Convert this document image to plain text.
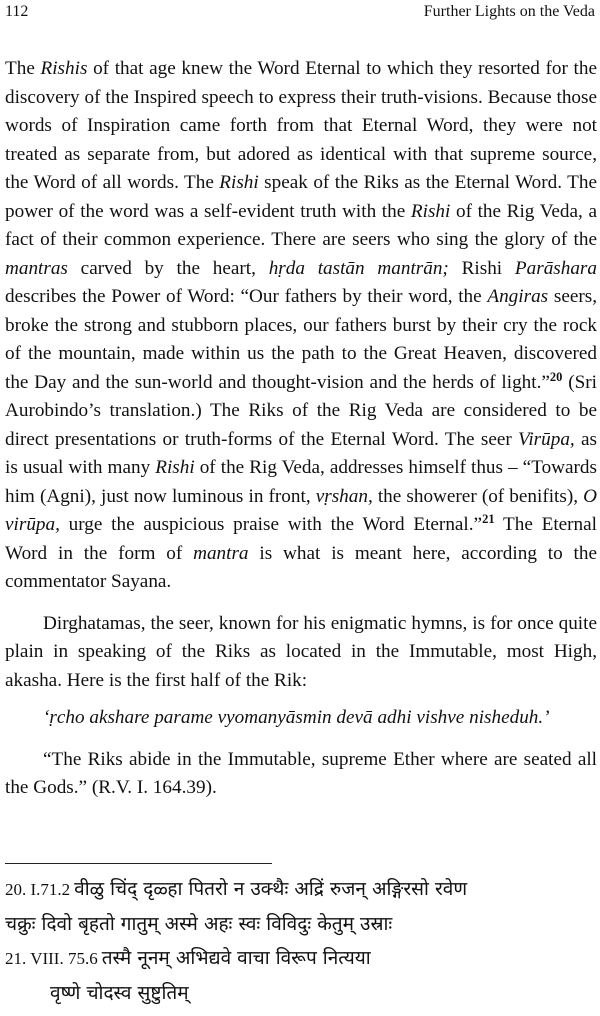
112	Further Lights on the Veda

The Rishis of that age knew the Word Eternal to which they resorted for the discovery of the Inspired speech to express their truth-visions. Because those words of Inspiration came forth from that Eternal Word, they were not treated as separate from, but adored as identical with that supreme source, the Word of all words. The Rishi speak of the Riks as the Eternal Word. The power of the word was a self-evident truth with the Rishi of the Rig Veda, a fact of their common experience. There are seers who sing the glory of the mantras carved by the heart, hṛda tastān mantrān; Rishi Parāshara describes the Power of Word: “Our fathers by their word, the Angiras seers, broke the strong and stubborn places, our fathers burst by their cry the rock of the mountain, made within us the path to the Great Heaven, discovered the Day and the sun-world and thought-vision and the herds of light.”$^{20}$ (Sri Aurobindo’s translation.) The Riks of the Rig Veda are considered to be direct presentations or truth-forms of the Eternal Word. The seer Virūpa, as is usual with many Rishi of the Rig Veda, addresses himself thus – “Towards him (Agni), just now luminous in front, vṛshan, the showerer (of benifits), O virūpa, urge the auspicious praise with the Word Eternal.”$^{21}$ The Eternal Word in the form of mantra is what is meant here, according to the commentator Sayana.

Dirghatamas, the seer, known for his enigmatic hymns, is for once quite plain in speaking of the Riks as located in the Immutable, most High, akasha. Here is the first half of the Rik:

‘ṛcho akshare parame vyomanyāsmin devā adhi vishve nisheduh.’

“The Riks abide in the Immutable, supreme Ether where are seated all the Gods.” (R.V. I. 164.39).

20. I.71.2 वीळु चिंद् दृळ्हा पितरो न उक्थैः अद्रिं रुजन् अङ्गिरसो रवेण
चक्रुः दिवो बृहतो गातुम् अस्मे अहः स्वः विविदुः केतुम् उस्राः
21. VIII. 75.6 तस्मै नूनम् अभिद्यवे वाचा विरूप नित्यया
वृष्णे चोदस्व सुष्टुतिम्
